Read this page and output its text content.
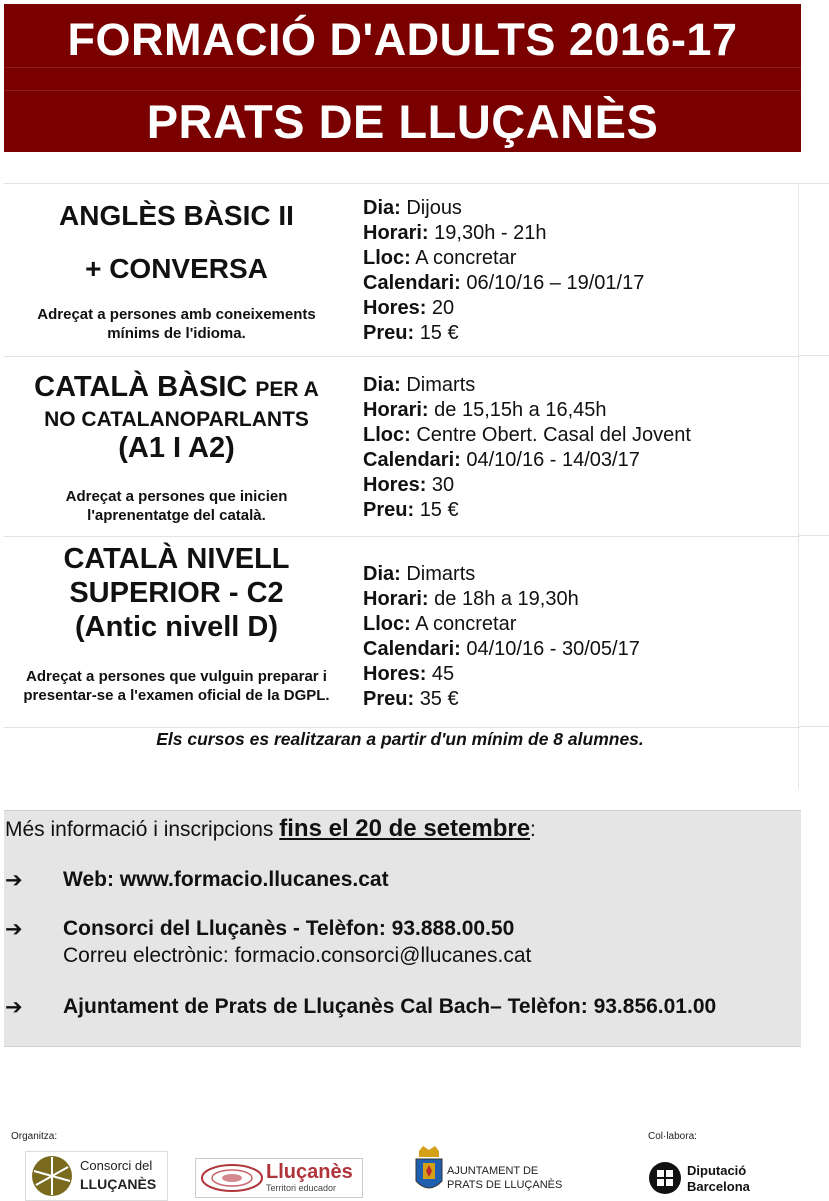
FORMACIÓ D'ADULTS 2016-17
PRATS DE LLUÇANÈS
ANGLÈS BÀSIC II
+ CONVERSA
Adreçat a persones amb coneixements mínims de l'idioma.
Dia: Dijous
Horari: 19,30h - 21h
Lloc: A concretar
Calendari: 06/10/16 – 19/01/17
Hores: 20
Preu: 15 €
CATALÀ BÀSIC PER A
NO CATALANOPARLANTS
(A1 I A2)
Adreçat a persones que inicien l'aprenentatge del català.
Dia: Dimarts
Horari: de 15,15h a 16,45h
Lloc: Centre Obert. Casal del Jovent
Calendari: 04/10/16 - 14/03/17
Hores: 30
Preu: 15 €
CATALÀ NIVELL
SUPERIOR - C2
(Antic nivell D)
Adreçat a persones que vulguin preparar i presentar-se a l'examen oficial de la DGPL.
Dia: Dimarts
Horari: de 18h a 19,30h
Lloc: A concretar
Calendari: 04/10/16 - 30/05/17
Hores: 45
Preu: 35 €
Els cursos es realitzaran a partir d'un mínim de 8 alumnes.
Més informació i inscripcions fins el 20 de setembre:
➔ Web: www.formacio.llucanes.cat
➔ Consorci del Lluçanès - Telèfon: 93.888.00.50
Correu electrònic: formacio.consorci@llucanes.cat
➔ Ajuntament de Prats de Lluçanès Cal Bach– Telèfon: 93.856.01.00
Organitza:	Col·labora:
Consorci del
LLUÇANÈS
Lluçanès
Territori educador
AJUNTAMENT DE
PRATS DE LLUÇANÈS
Diputació
Barcelona
